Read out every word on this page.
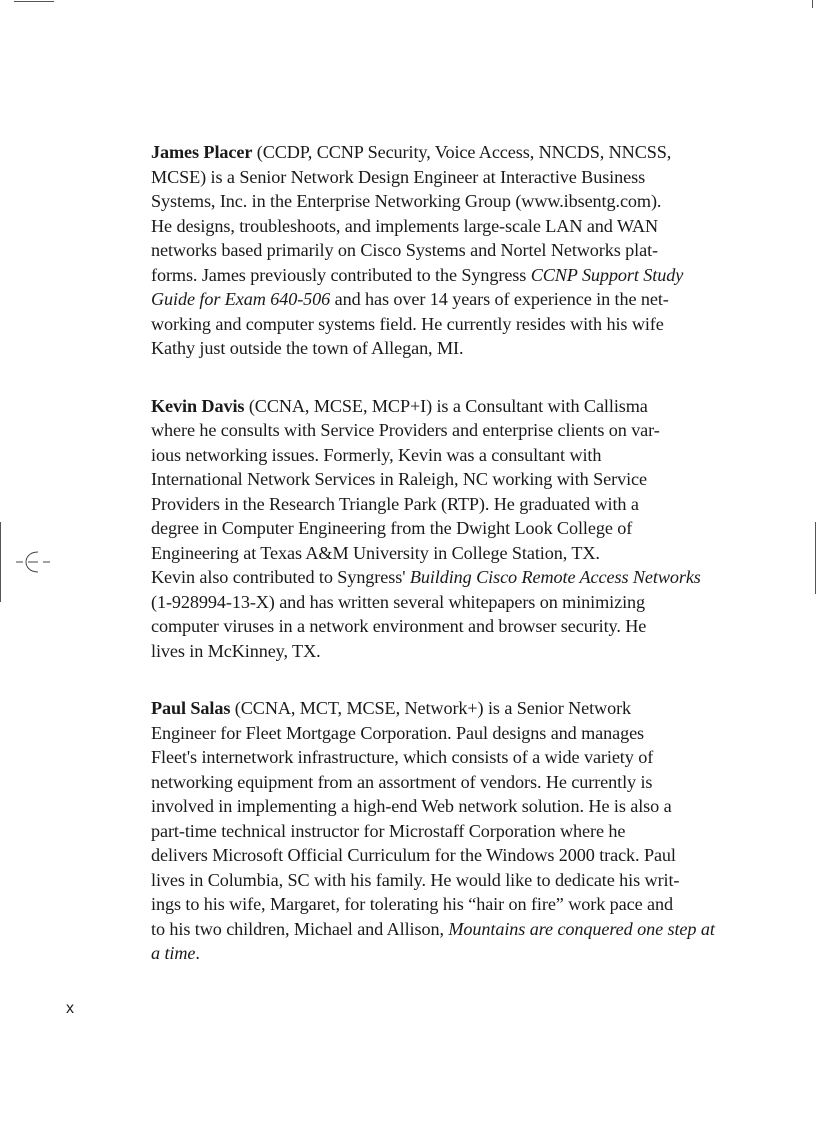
James Placer (CCDP, CCNP Security, Voice Access, NNCDS, NNCSS,
MCSE) is a Senior Network Design Engineer at Interactive Business
Systems, Inc. in the Enterprise Networking Group (www.ibsentg.com).
He designs, troubleshoots, and implements large-scale LAN and WAN
networks based primarily on Cisco Systems and Nortel Networks plat-
forms. James previously contributed to the Syngress CCNP Support Study
Guide for Exam 640-506 and has over 14 years of experience in the net-
working and computer systems field. He currently resides with his wife
Kathy just outside the town of Allegan, MI.

Kevin Davis (CCNA, MCSE, MCP+I) is a Consultant with Callisma
where he consults with Service Providers and enterprise clients on var-
ious networking issues. Formerly, Kevin was a consultant with
International Network Services in Raleigh, NC working with Service
Providers in the Research Triangle Park (RTP). He graduated with a
degree in Computer Engineering from the Dwight Look College of
Engineering at Texas A&M University in College Station, TX.
Kevin also contributed to Syngress' Building Cisco Remote Access Networks
(1-928994-13-X) and has written several whitepapers on minimizing
computer viruses in a network environment and browser security. He
lives in McKinney, TX.

Paul Salas (CCNA, MCT, MCSE, Network+) is a Senior Network
Engineer for Fleet Mortgage Corporation. Paul designs and manages
Fleet's internetwork infrastructure, which consists of a wide variety of
networking equipment from an assortment of vendors. He currently is
involved in implementing a high-end Web network solution. He is also a
part-time technical instructor for Microstaff Corporation where he
delivers Microsoft Official Curriculum for the Windows 2000 track. Paul
lives in Columbia, SC with his family. He would like to dedicate his writ-
ings to his wife, Margaret, for tolerating his “hair on fire” work pace and
to his two children, Michael and Allison, Mountains are conquered one step at
a time.

x
